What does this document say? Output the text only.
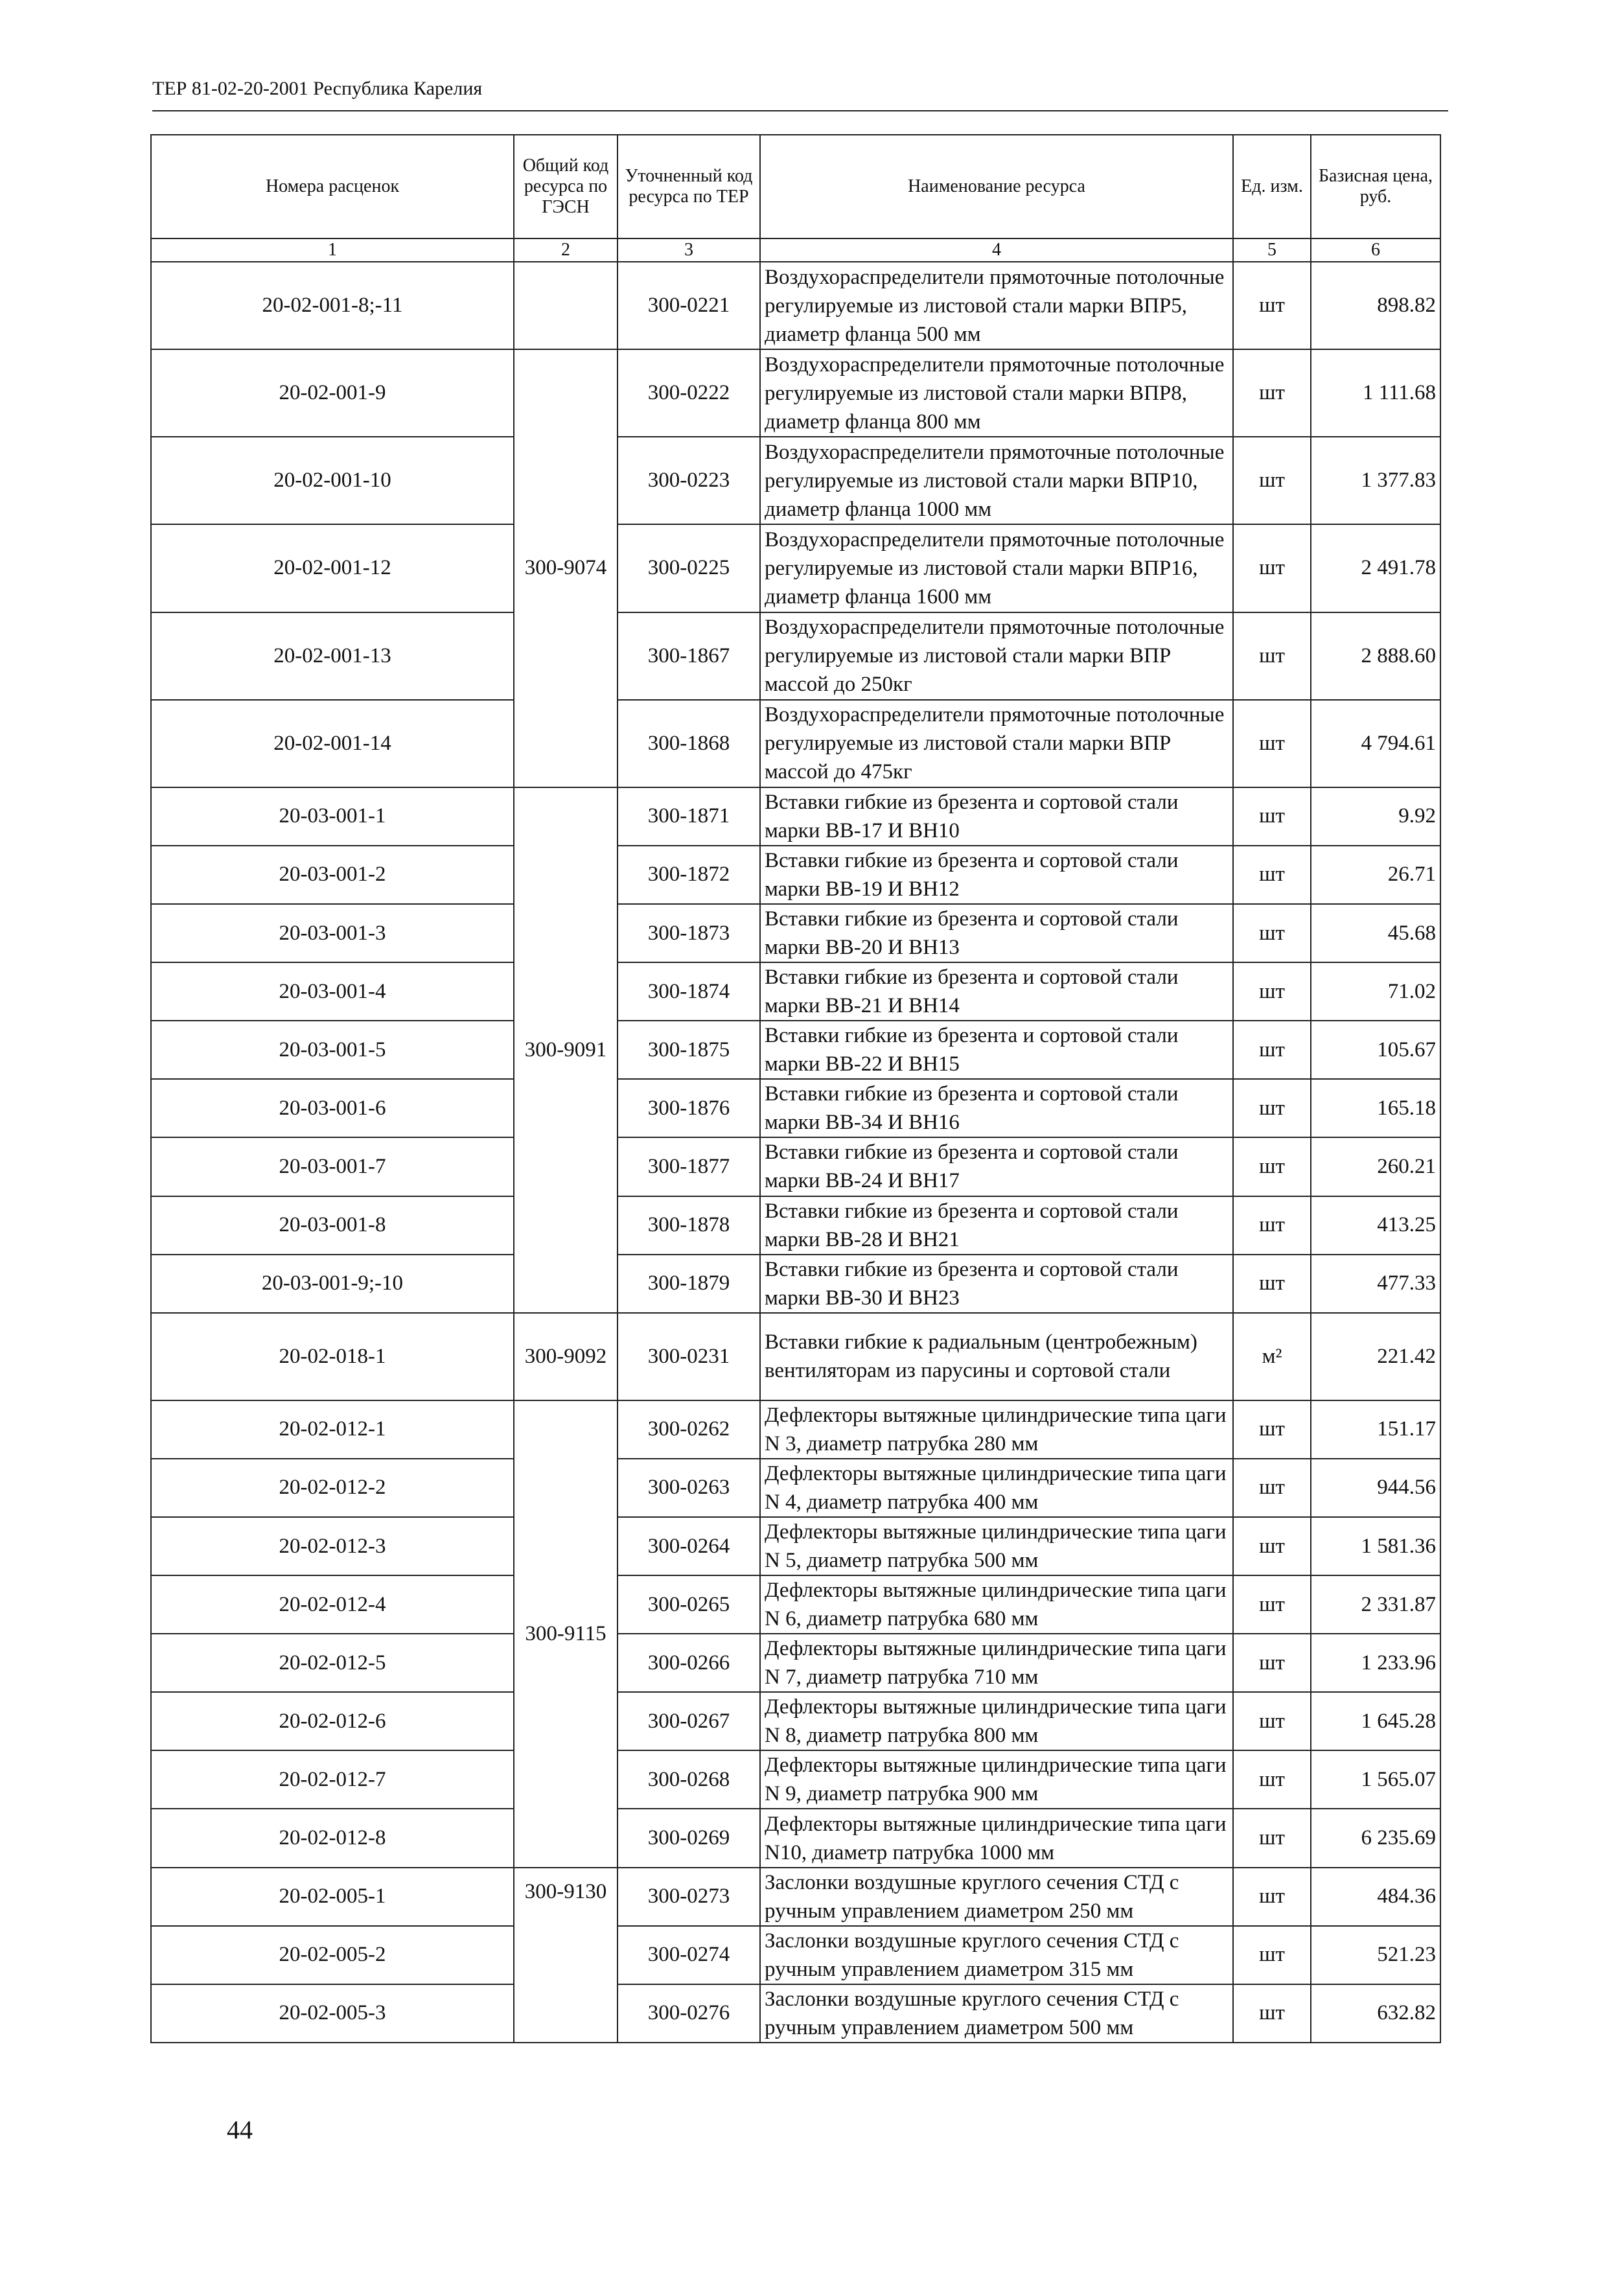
ТЕР 81-02-20-2001 Республика Карелия
Номера расценок	Общий код ресурса по ГЭСН	Уточненный код ресурса по ТЕР	Наименование ресурса	Ед. изм.	Базисная цена, руб.
1	2	3	4	5	6
20-02-001-8;-11		300-0221	Воздухораспределители прямоточные потолочные регулируемые из листовой стали марки ВПР5, диаметр фланца 500 мм	шт	898.82
20-02-001-9	300-9074	300-0222	Воздухораспределители прямоточные потолочные регулируемые из листовой стали марки ВПР8, диаметр фланца 800 мм	шт	1 111.68
20-02-001-10		300-0223	Воздухораспределители прямоточные потолочные регулируемые из листовой стали марки ВПР10, диаметр фланца 1000 мм	шт	1 377.83
20-02-001-12		300-0225	Воздухораспределители прямоточные потолочные регулируемые из листовой стали марки ВПР16, диаметр фланца 1600 мм	шт	2 491.78
20-02-001-13		300-1867	Воздухораспределители прямоточные потолочные регулируемые из листовой стали марки ВПР массой до 250кг	шт	2 888.60
20-02-001-14		300-1868	Воздухораспределители прямоточные потолочные регулируемые из листовой стали марки ВПР массой до 475кг	шт	4 794.61
20-03-001-1	300-9091	300-1871	Вставки гибкие из брезента и сортовой стали марки ВВ-17 И ВН10	шт	9.92
20-03-001-2		300-1872	Вставки гибкие из брезента и сортовой стали марки ВВ-19 И ВН12	шт	26.71
20-03-001-3		300-1873	Вставки гибкие из брезента и сортовой стали марки ВВ-20 И ВН13	шт	45.68
20-03-001-4		300-1874	Вставки гибкие из брезента и сортовой стали марки ВВ-21 И ВН14	шт	71.02
20-03-001-5		300-1875	Вставки гибкие из брезента и сортовой стали марки ВВ-22 И ВН15	шт	105.67
20-03-001-6		300-1876	Вставки гибкие из брезента и сортовой стали марки ВВ-34 И ВН16	шт	165.18
20-03-001-7		300-1877	Вставки гибкие из брезента и сортовой стали марки ВВ-24 И ВН17	шт	260.21
20-03-001-8		300-1878	Вставки гибкие из брезента и сортовой стали марки ВВ-28 И ВН21	шт	413.25
20-03-001-9;-10		300-1879	Вставки гибкие из брезента и сортовой стали марки ВВ-30 И ВН23	шт	477.33
20-02-018-1	300-9092	300-0231	Вставки гибкие к радиальным (центробежным) вентиляторам из парусины и сортовой стали	м²	221.42
20-02-012-1	300-9115	300-0262	Дефлекторы вытяжные цилиндрические типа цаги N 3, диаметр патрубка 280 мм	шт	151.17
20-02-012-2		300-0263	Дефлекторы вытяжные цилиндрические типа цаги N 4, диаметр патрубка 400 мм	шт	944.56
20-02-012-3		300-0264	Дефлекторы вытяжные цилиндрические типа цаги N 5, диаметр патрубка 500 мм	шт	1 581.36
20-02-012-4		300-0265	Дефлекторы вытяжные цилиндрические типа цаги N 6, диаметр патрубка 680 мм	шт	2 331.87
20-02-012-5		300-0266	Дефлекторы вытяжные цилиндрические типа цаги N 7, диаметр патрубка 710 мм	шт	1 233.96
20-02-012-6		300-0267	Дефлекторы вытяжные цилиндрические типа цаги N 8, диаметр патрубка 800 мм	шт	1 645.28
20-02-012-7		300-0268	Дефлекторы вытяжные цилиндрические типа цаги N 9, диаметр патрубка 900 мм	шт	1 565.07
20-02-012-8		300-0269	Дефлекторы вытяжные цилиндрические типа цаги N10, диаметр патрубка 1000 мм	шт	6 235.69
20-02-005-1	300-9130	300-0273	Заслонки воздушные круглого сечения СТД с ручным управлением диаметром 250 мм	шт	484.36
20-02-005-2		300-0274	Заслонки воздушные круглого сечения СТД с ручным управлением диаметром 315 мм	шт	521.23
20-02-005-3		300-0276	Заслонки воздушные круглого сечения СТД с ручным управлением диаметром 500 мм	шт	632.82
44
